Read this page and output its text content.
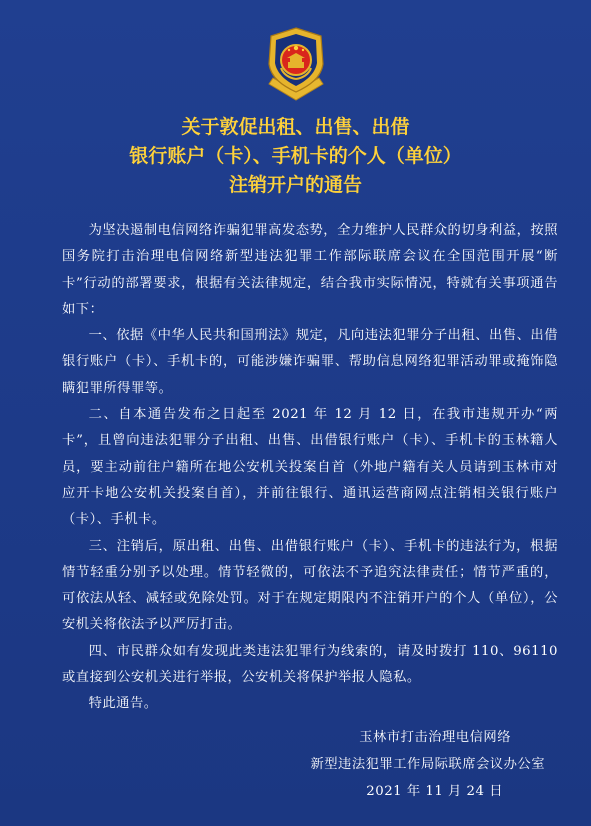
关于敦促出租、出售、出借
银行账户（卡）、手机卡的个人（单位）
注销开户的通告

为坚决遏制电信网络诈骗犯罪高发态势，全力维护人民群众的切身利益，按照国务院打击治理电信网络新型违法犯罪工作部际联席会议在全国范围开展“断卡”行动的部署要求，根据有关法律规定，结合我市实际情况，特就有关事项通告如下：

一、依据《中华人民共和国刑法》规定，凡向违法犯罪分子出租、出售、出借银行账户（卡）、手机卡的，可能涉嫌诈骗罪、帮助信息网络犯罪活动罪或掩饰隐瞒犯罪所得罪等。

二、自本通告发布之日起至 2021 年 12 月 12 日，在我市违规开办“两卡”，且曾向违法犯罪分子出租、出售、出借银行账户（卡）、手机卡的玉林籍人员，要主动前往户籍所在地公安机关投案自首（外地户籍有关人员请到玉林市对应开卡地公安机关投案自首），并前往银行、通讯运营商网点注销相关银行账户（卡）、手机卡。

三、注销后，原出租、出售、出借银行账户（卡）、手机卡的违法行为，根据情节轻重分别予以处理。情节轻微的，可依法不予追究法律责任；情节严重的，可依法从轻、减轻或免除处罚。对于在规定期限内不注销开户的个人（单位），公安机关将依法予以严厉打击。

四、市民群众如有发现此类违法犯罪行为线索的，请及时拨打 110、96110 或直接到公安机关进行举报，公安机关将保护举报人隐私。

特此通告。

玉林市打击治理电信网络
新型违法犯罪工作局际联席会议办公室
2021 年 11 月 24 日
